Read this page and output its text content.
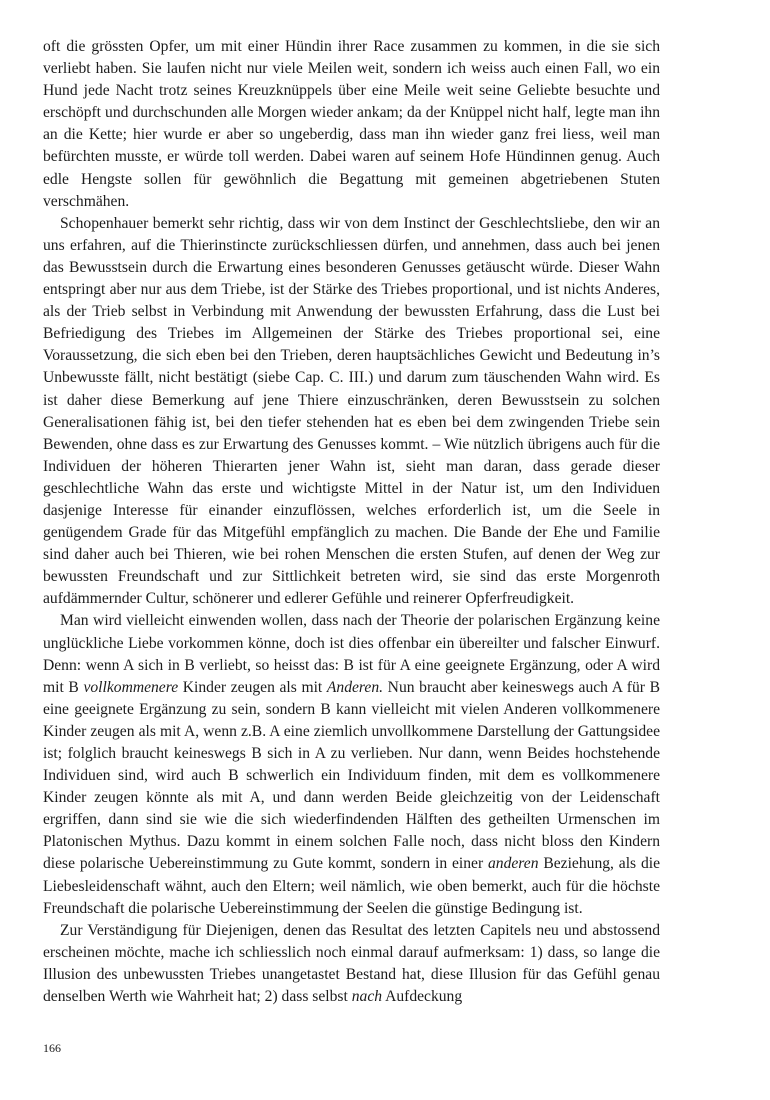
oft die grössten Opfer, um mit einer Hündin ihrer Race zusammen zu kommen, in die sie sich verliebt haben. Sie laufen nicht nur viele Meilen weit, sondern ich weiss auch einen Fall, wo ein Hund jede Nacht trotz seines Kreuzknüppels über eine Meile weit seine Geliebte besuchte und erschöpft und durchschunden alle Morgen wieder ankam; da der Knüppel nicht half, legte man ihn an die Kette; hier wurde er aber so ungeberdig, dass man ihn wieder ganz frei liess, weil man befürchten musste, er würde toll werden. Dabei waren auf seinem Hofe Hündinnen genug. Auch edle Hengste sollen für gewöhnlich die Begattung mit gemeinen abgetriebenen Stuten verschmähen.

Schopenhauer bemerkt sehr richtig, dass wir von dem Instinct der Geschlechtsliebe, den wir an uns erfahren, auf die Thierinstincte zurückschliessen dürfen, und annehmen, dass auch bei jenen das Bewusstsein durch die Erwartung eines besonderen Genusses getäuscht würde. Dieser Wahn entspringt aber nur aus dem Triebe, ist der Stärke des Triebes proportional, und ist nichts Anderes, als der Trieb selbst in Verbindung mit Anwendung der bewussten Erfahrung, dass die Lust bei Befriedigung des Triebes im Allgemeinen der Stärke des Triebes proportional sei, eine Voraussetzung, die sich eben bei den Trieben, deren hauptsächliches Gewicht und Bedeutung in’s Unbewusste fällt, nicht bestätigt (siebe Cap. C. III.) und darum zum täuschenden Wahn wird. Es ist daher diese Bemerkung auf jene Thiere einzuschränken, deren Bewusstsein zu solchen Generalisationen fähig ist, bei den tiefer stehenden hat es eben bei dem zwingenden Triebe sein Bewenden, ohne dass es zur Erwartung des Genusses kommt. – Wie nützlich übrigens auch für die Individuen der höheren Thierarten jener Wahn ist, sieht man daran, dass gerade dieser geschlechtliche Wahn das erste und wichtigste Mittel in der Natur ist, um den Individuen dasjenige Interesse für einander einzuflössen, welches erforderlich ist, um die Seele in genügendem Grade für das Mitgefühl empfänglich zu machen. Die Bande der Ehe und Familie sind daher auch bei Thieren, wie bei rohen Menschen die ersten Stufen, auf denen der Weg zur bewussten Freundschaft und zur Sittlichkeit betreten wird, sie sind das erste Morgenroth aufdämmernder Cultur, schönerer und edlerer Gefühle und reinerer Opferfreudigkeit.

Man wird vielleicht einwenden wollen, dass nach der Theorie der polarischen Ergänzung keine unglückliche Liebe vorkommen könne, doch ist dies offenbar ein übereilter und falscher Einwurf. Denn: wenn A sich in B verliebt, so heisst das: B ist für A eine geeignete Ergänzung, oder A wird mit B vollkommenere Kinder zeugen als mit Anderen. Nun braucht aber keineswegs auch A für B eine geeignete Ergänzung zu sein, sondern B kann vielleicht mit vielen Anderen vollkommenere Kinder zeugen als mit A, wenn z.B. A eine ziemlich unvollkommene Darstellung der Gattungsidee ist; folglich braucht keineswegs B sich in A zu verlieben. Nur dann, wenn Beides hochstehende Individuen sind, wird auch B schwerlich ein Individuum finden, mit dem es vollkommenere Kinder zeugen könnte als mit A, und dann werden Beide gleichzeitig von der Leidenschaft ergriffen, dann sind sie wie die sich wiederfindenden Hälften des getheilten Urmenschen im Platonischen Mythus. Dazu kommt in einem solchen Falle noch, dass nicht bloss den Kindern diese polarische Uebereinstimmung zu Gute kommt, sondern in einer anderen Beziehung, als die Liebesleidenschaft wähnt, auch den Eltern; weil nämlich, wie oben bemerkt, auch für die höchste Freundschaft die polarische Uebereinstimmung der Seelen die günstige Bedingung ist.

Zur Verständigung für Diejenigen, denen das Resultat des letzten Capitels neu und abstossend erscheinen möchte, mache ich schliesslich noch einmal darauf aufmerksam: 1) dass, so lange die Illusion des unbewussten Triebes unangetastet Bestand hat, diese Illusion für das Gefühl genau denselben Werth wie Wahrheit hat; 2) dass selbst nach Aufdeckung

166
